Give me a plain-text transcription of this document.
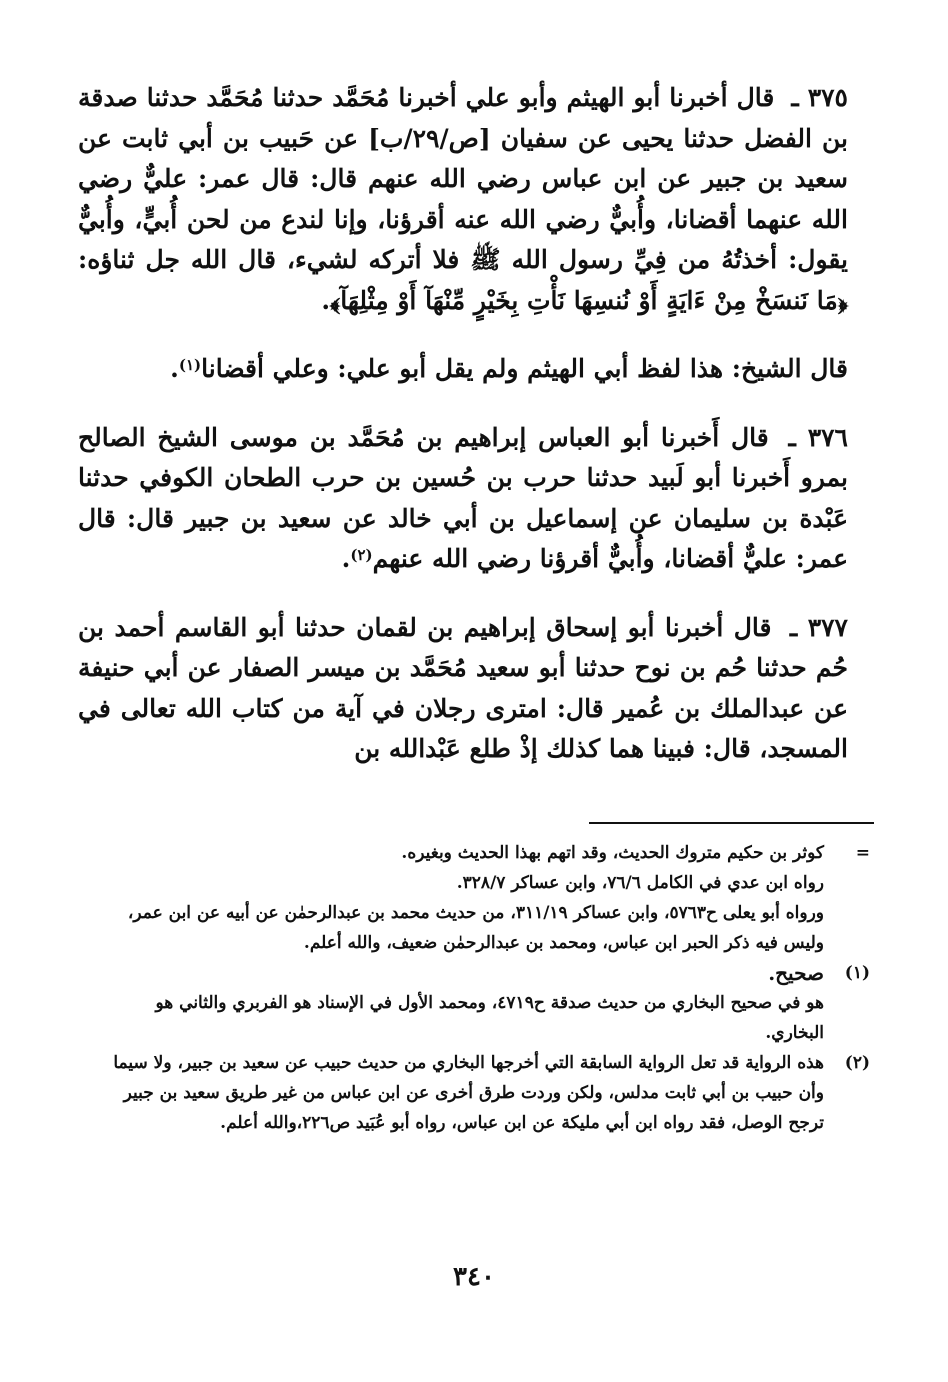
٣٧٥ ـ قال أخبرنا أبو الهيثم وأبو علي أخبرنا مُحَمَّد حدثنا مُحَمَّد حدثنا صدقة بن الفضل حدثنا يحيى عن سفيان [ص/٢٩/ب] عن حَبيب بن أبي ثابت عن سعيد بن جبير عن ابن عباس رضي الله عنهم قال: قال عمر: عليٌّ رضي الله عنهما أقضانا، وأُبيٌّ رضي الله عنه أقرؤنا، وإنا لندع من لحن أُبيٍّ، وأُبيٌّ يقول: أخذتُهُ من فِيِّ رسول الله ﷺ فلا أتركه لشيء، قال الله جل ثناؤه: ﴿مَا نَنسَخْ مِنْ ءَايَةٍ أَوْ نُنسِهَا نَأْتِ بِخَيْرٍ مِّنْهَآ أَوْ مِثْلِهَآ﴾.

قال الشيخ: هذا لفظ أبي الهيثم ولم يقل أبو علي: وعلي أقضانا$^{(١)}$.

٣٧٦ ـ قال أَخبرنا أبو العباس إبراهيم بن مُحَمَّد بن موسى الشيخ الصالح بمرو أَخبرنا أبو لَبيد حدثنا حرب بن حُسين بن حرب الطحان الكوفي حدثنا عَبْدة بن سليمان عن إسماعيل بن أبي خالد عن سعيد بن جبير قال: قال عمر: عليٌّ أقضانا، وأُبيٌّ أقرؤنا رضي الله عنهم$^{(٢)}$.

٣٧٧ ـ قال أخبرنا أبو إسحاق إبراهيم بن لقمان حدثنا أبو القاسم أحمد بن حُم حدثنا حُم بن نوح حدثنا أبو سعيد مُحَمَّد بن ميسر الصفار عن أبي حنيفة عن عبدالملك بن عُمير قال: امترى رجلان في آية من كتاب الله تعالى في المسجد، قال: فبينا هما كذلك إذْ طلع عَبْدالله بن

=

كوثر بن حكيم متروك الحديث، وقد اتهم بهذا الحديث وبغيره.

رواه ابن عدي في الكامل ٧٦/٦، وابن عساكر ٣٢٨/٧.

ورواه أبو يعلى ح٥٧٦٣، وابن عساكر ٣١١/١٩، من حديث محمد بن عبدالرحمٰن عن أبيه عن ابن عمر، وليس فيه ذكر الحبر ابن عباس، ومحمد بن عبدالرحمٰن ضعيف، والله أعلم.

(١)

صحيح.

هو في صحيح البخاري من حديث صدقة ح٤٧١٩، ومحمد الأول في الإسناد هو الفربري والثاني هو البخاري.

(٢)

هذه الرواية قد تعل الرواية السابقة التي أخرجها البخاري من حديث حبيب عن سعيد بن جبير، ولا سيما وأن حبيب بن أبي ثابت مدلس، ولكن وردت طرق أخرى عن ابن عباس من غير طريق سعيد بن جبير ترجح الوصل، فقد رواه ابن أبي مليكة عن ابن عباس، رواه أبو عُبَيد ص٢٢٦،والله أعلم.

٣٤٠
